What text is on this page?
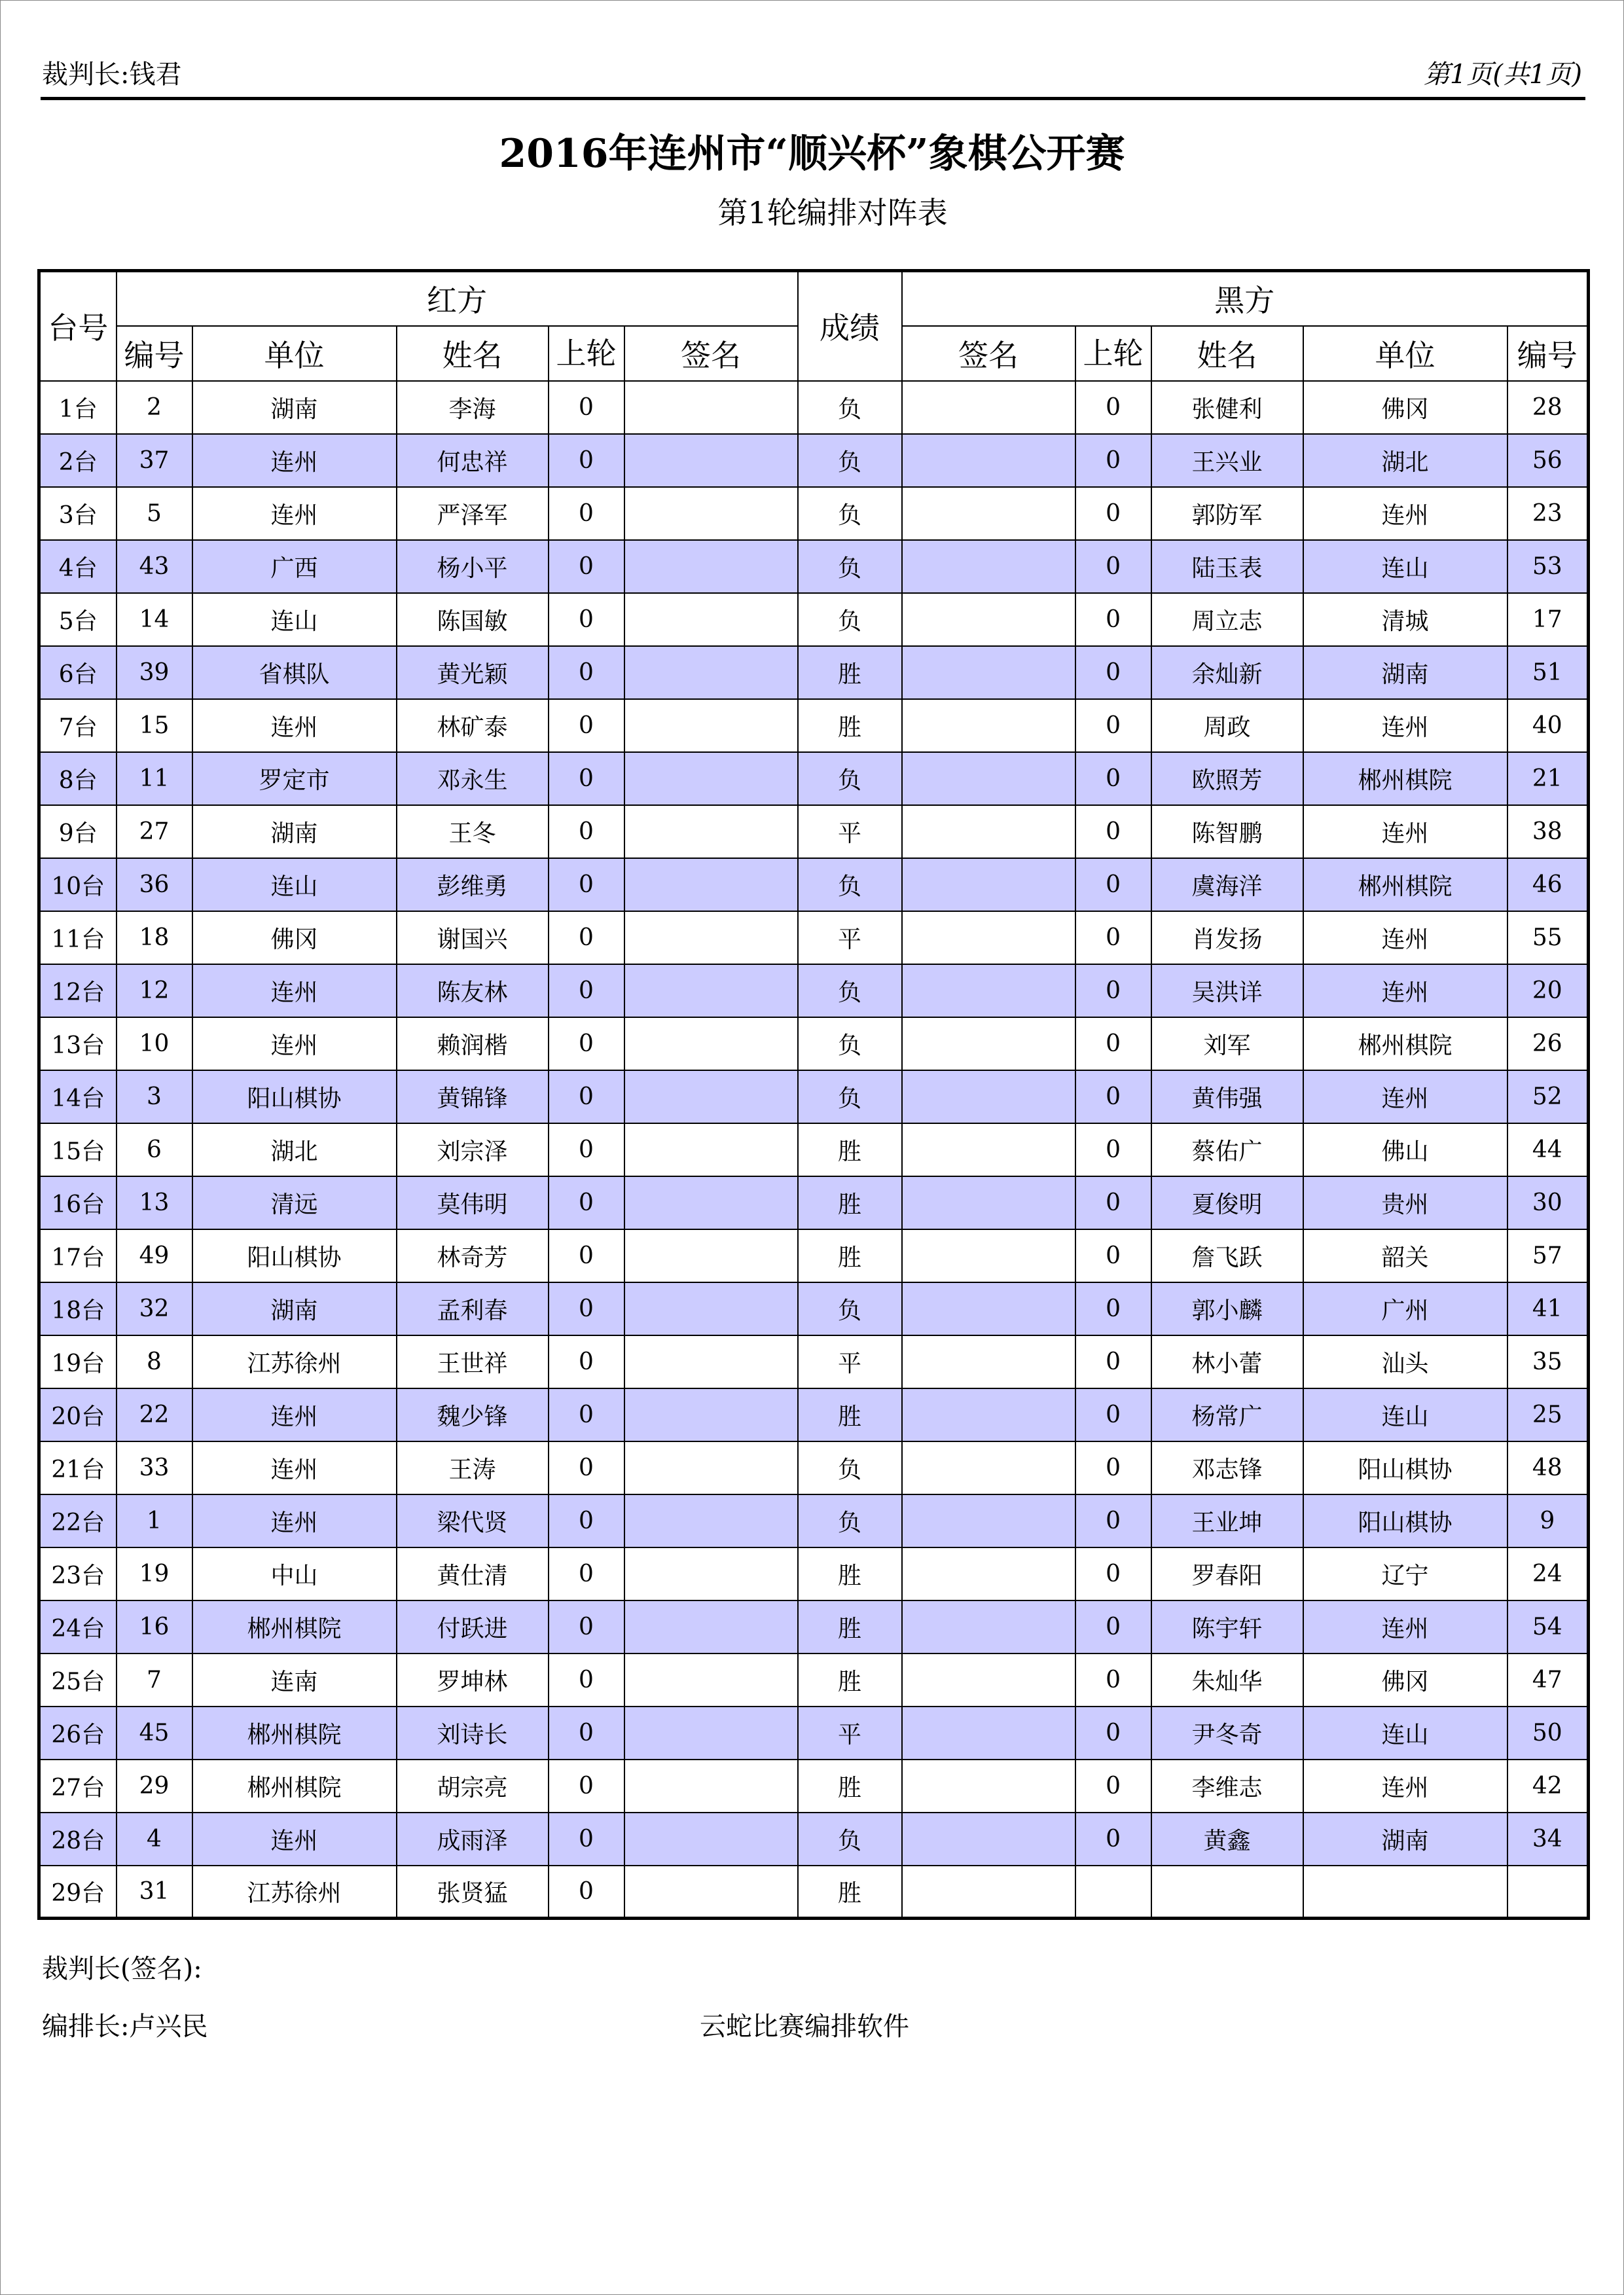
裁判长:钱君	第1页(共1页)
2016年连州市“顺兴杯”象棋公开赛
第1轮编排对阵表
台号	红方					成绩	黑方				
	编号	单位	姓名	上轮	签名		签名	上轮	姓名	单位	编号
1台	2	湖南	李海	0		负		0	张健利	佛冈	28
2台	37	连州	何忠祥	0		负		0	王兴业	湖北	56
3台	5	连州	严泽军	0		负		0	郭防军	连州	23
4台	43	广西	杨小平	0		负		0	陆玉表	连山	53
5台	14	连山	陈国敏	0		负		0	周立志	清城	17
6台	39	省棋队	黄光颖	0		胜		0	余灿新	湖南	51
7台	15	连州	林矿泰	0		胜		0	周政	连州	40
8台	11	罗定市	邓永生	0		负		0	欧照芳	郴州棋院	21
9台	27	湖南	王冬	0		平		0	陈智鹏	连州	38
10台	36	连山	彭维勇	0		负		0	虞海洋	郴州棋院	46
11台	18	佛冈	谢国兴	0		平		0	肖发扬	连州	55
12台	12	连州	陈友林	0		负		0	吴洪详	连州	20
13台	10	连州	赖润楷	0		负		0	刘军	郴州棋院	26
14台	3	阳山棋协	黄锦锋	0		负		0	黄伟强	连州	52
15台	6	湖北	刘宗泽	0		胜		0	蔡佑广	佛山	44
16台	13	清远	莫伟明	0		胜		0	夏俊明	贵州	30
17台	49	阳山棋协	林奇芳	0		胜		0	詹飞跃	韶关	57
18台	32	湖南	孟利春	0		负		0	郭小麟	广州	41
19台	8	江苏徐州	王世祥	0		平		0	林小蕾	汕头	35
20台	22	连州	魏少锋	0		胜		0	杨常广	连山	25
21台	33	连州	王涛	0		负		0	邓志锋	阳山棋协	48
22台	1	连州	梁代贤	0		负		0	王业坤	阳山棋协	9
23台	19	中山	黄仕清	0		胜		0	罗春阳	辽宁	24
24台	16	郴州棋院	付跃进	0		胜		0	陈宇轩	连州	54
25台	7	连南	罗坤林	0		胜		0	朱灿华	佛冈	47
26台	45	郴州棋院	刘诗长	0		平		0	尹冬奇	连山	50
27台	29	郴州棋院	胡宗亮	0		胜		0	李维志	连州	42
28台	4	连州	成雨泽	0		负		0	黄鑫	湖南	34
29台	31	江苏徐州	张贤猛	0		胜					
裁判长(签名):
编排长:卢兴民	云蛇比赛编排软件
